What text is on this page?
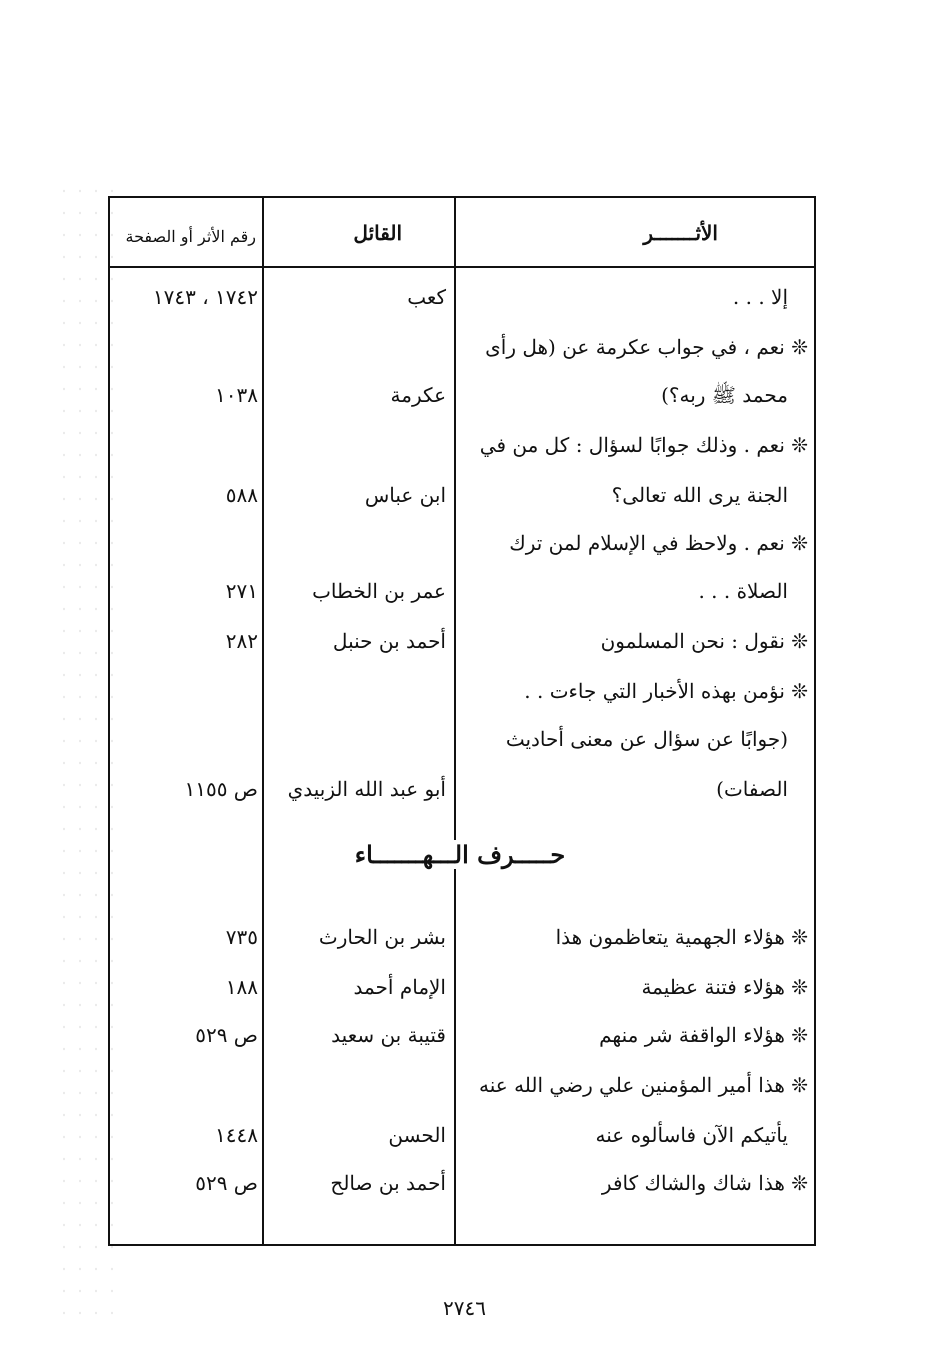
الأثـــــــر
القائل
رقم الأثر أو الصفحة
إلا . . .
كعب
١٧٤٢ ، ١٧٤٣
❊ نعم ، في جواب عكرمة عن (هل رأى
محمد ﷺ ربه؟)
عكرمة
١٠٣٨
❊ نعم . وذلك جوابًا لسؤال : كل من في
الجنة يرى الله تعالى؟
ابن عباس
٥٨٨
❊ نعم . ولاحظ في الإسلام لمن ترك
الصلاة . . .
عمر بن الخطاب
٢٧١
❊ نقول : نحن المسلمون
أحمد بن حنبل
٢٨٢
❊ نؤمن بهذه الأخبار التي جاءت . .
(جوابًا عن سؤال عن معنى أحاديث
الصفات)
أبو عبد الله الزبيدي
ص ١١٥٥
❊ هؤلاء الجهمية يتعاظمون هذا
بشر بن الحارث
٧٣٥
❊ هؤلاء فتنة عظيمة
الإمام أحمد
١٨٨
❊ هؤلاء الواقفة شر منهم
قتيبة بن سعيد
ص ٥٢٩
❊ هذا أمير المؤمنين علي رضي الله عنه
يأتيكم الآن فاسألوه عنه
الحسن
١٤٤٨
❊ هذا شاك والشاك كافر
أحمد بن صالح
ص ٥٢٩
حـــــرف الـــهـــــــاء
٢٧٤٦
